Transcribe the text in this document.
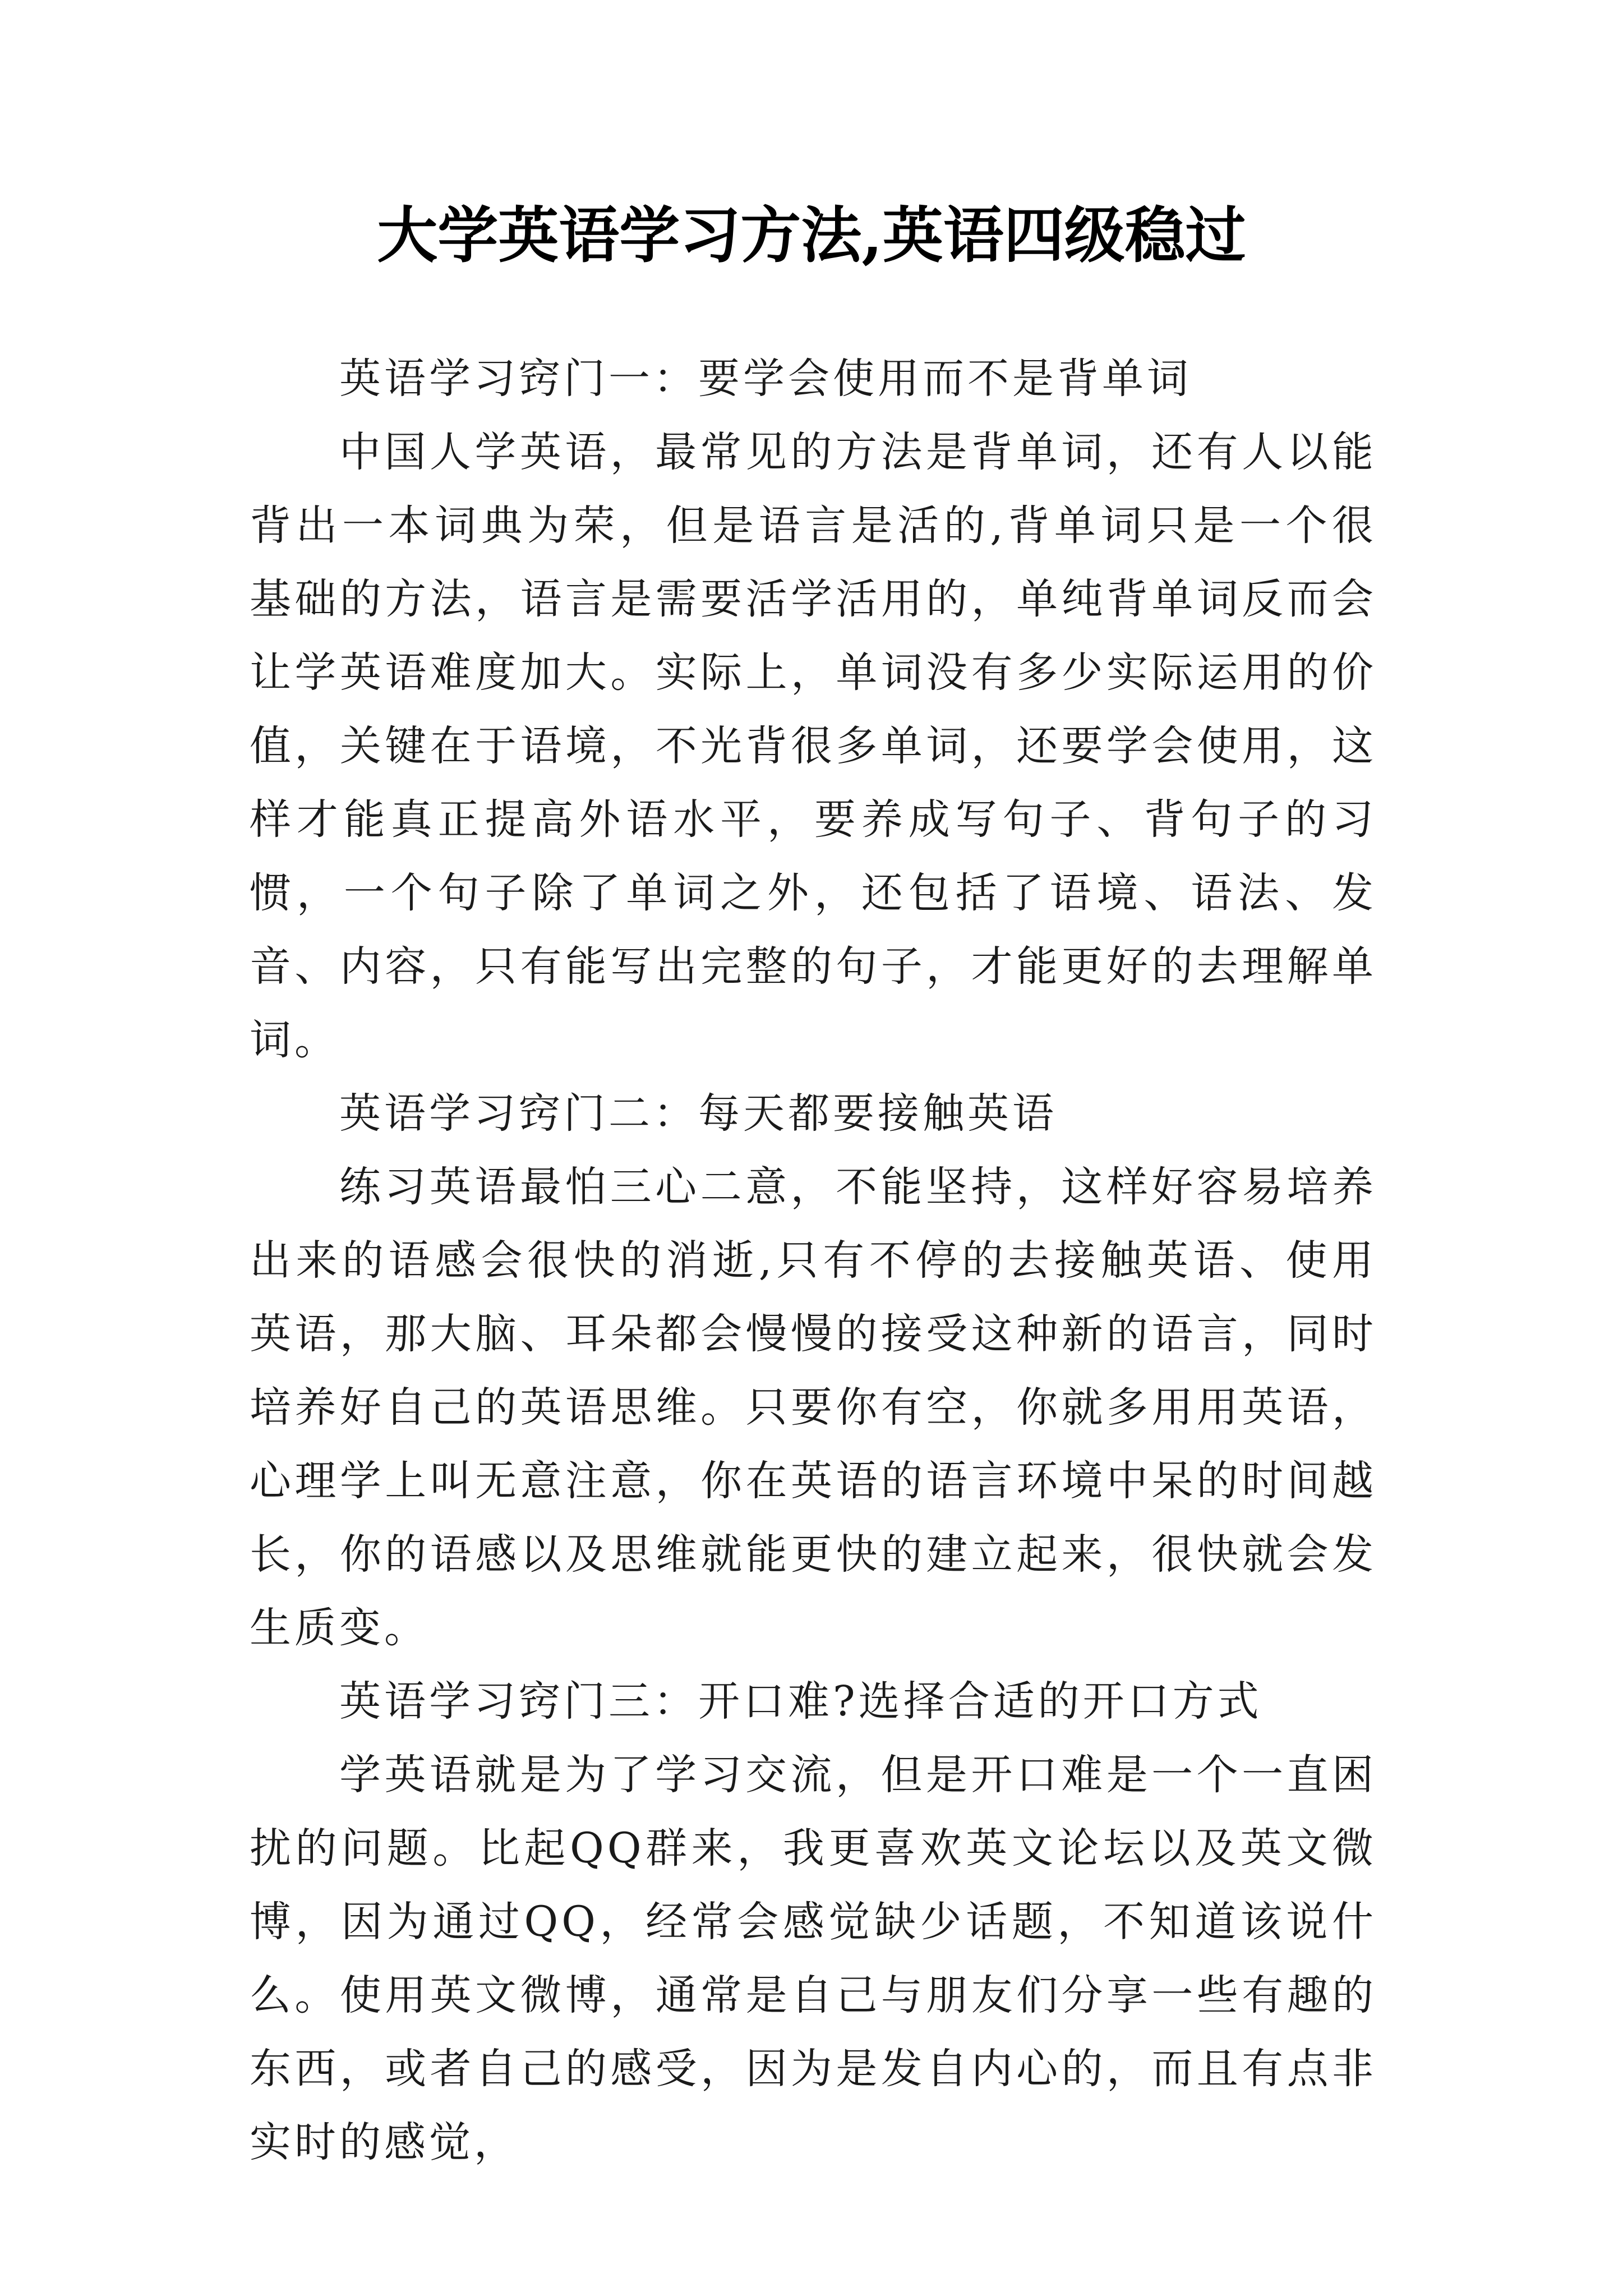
大学英语学习方法,英语四级稳过

英语学习窍门一：要学会使用而不是背单词

中国人学英语，最常见的方法是背单词，还有人以能背出一本词典为荣，但是语言是活的,背单词只是一个很基础的方法，语言是需要活学活用的，单纯背单词反而会让学英语难度加大。实际上，单词没有多少实际运用的价值，关键在于语境，不光背很多单词，还要学会使用，这样才能真正提高外语水平，要养成写句子、背句子的习惯，一个句子除了单词之外，还包括了语境、语法、发音、内容，只有能写出完整的句子，才能更好的去理解单词。

英语学习窍门二：每天都要接触英语

练习英语最怕三心二意，不能坚持，这样好容易培养出来的语感会很快的消逝,只有不停的去接触英语、使用英语，那大脑、耳朵都会慢慢的接受这种新的语言，同时培养好自己的英语思维。只要你有空，你就多用用英语，心理学上叫无意注意，你在英语的语言环境中呆的时间越长，你的语感以及思维就能更快的建立起来，很快就会发生质变。

英语学习窍门三：开口难?选择合适的开口方式

学英语就是为了学习交流，但是开口难是一个一直困扰的问题。比起QQ群来，我更喜欢英文论坛以及英文微博，因为通过QQ，经常会感觉缺少话题，不知道该说什么。使用英文微博，通常是自己与朋友们分享一些有趣的东西，或者自己的感受，因为是发自内心的，而且有点非实时的感觉，
